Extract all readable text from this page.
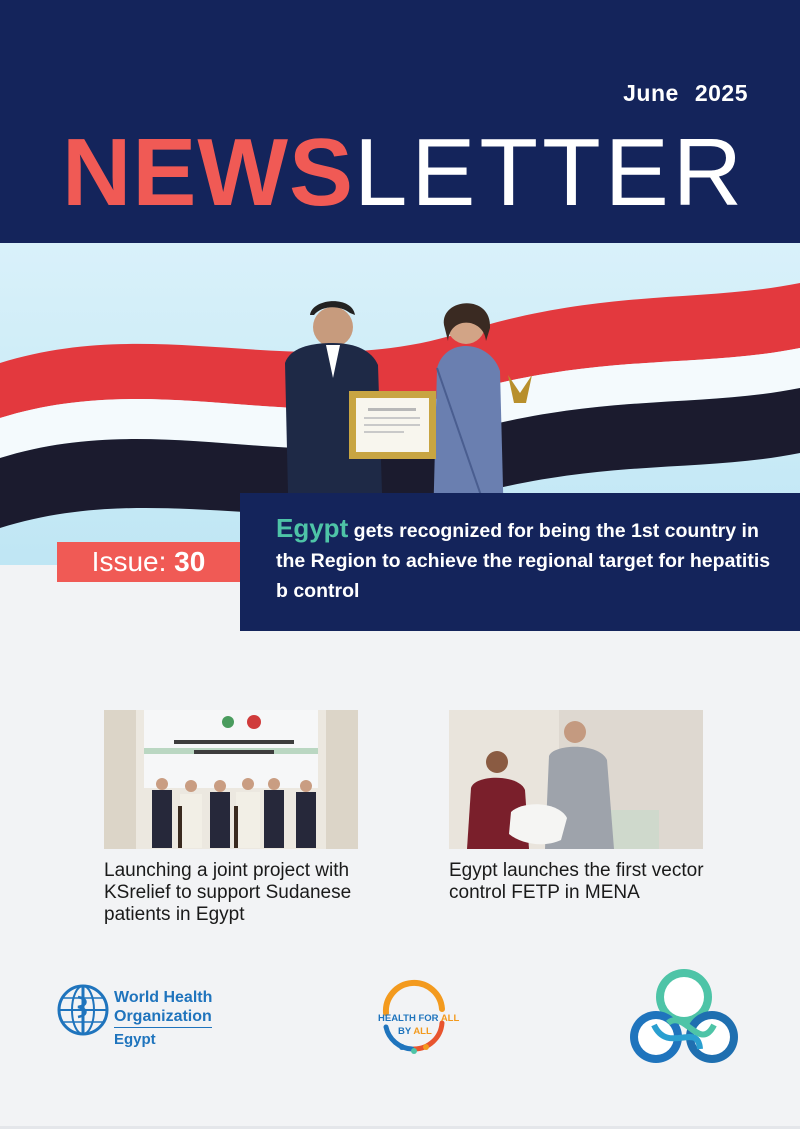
June 2025
NEWSLETTER
Issue: 30
Egypt gets recognized for being the 1st country in the Region to achieve the regional target for hepatitis b control
Launching a joint project with KSrelief to support Sudanese patients in Egypt
Egypt launches the first vector control FETP in MENA
World Health
Organization
Egypt
HEALTH FOR ALL
BY ALL
